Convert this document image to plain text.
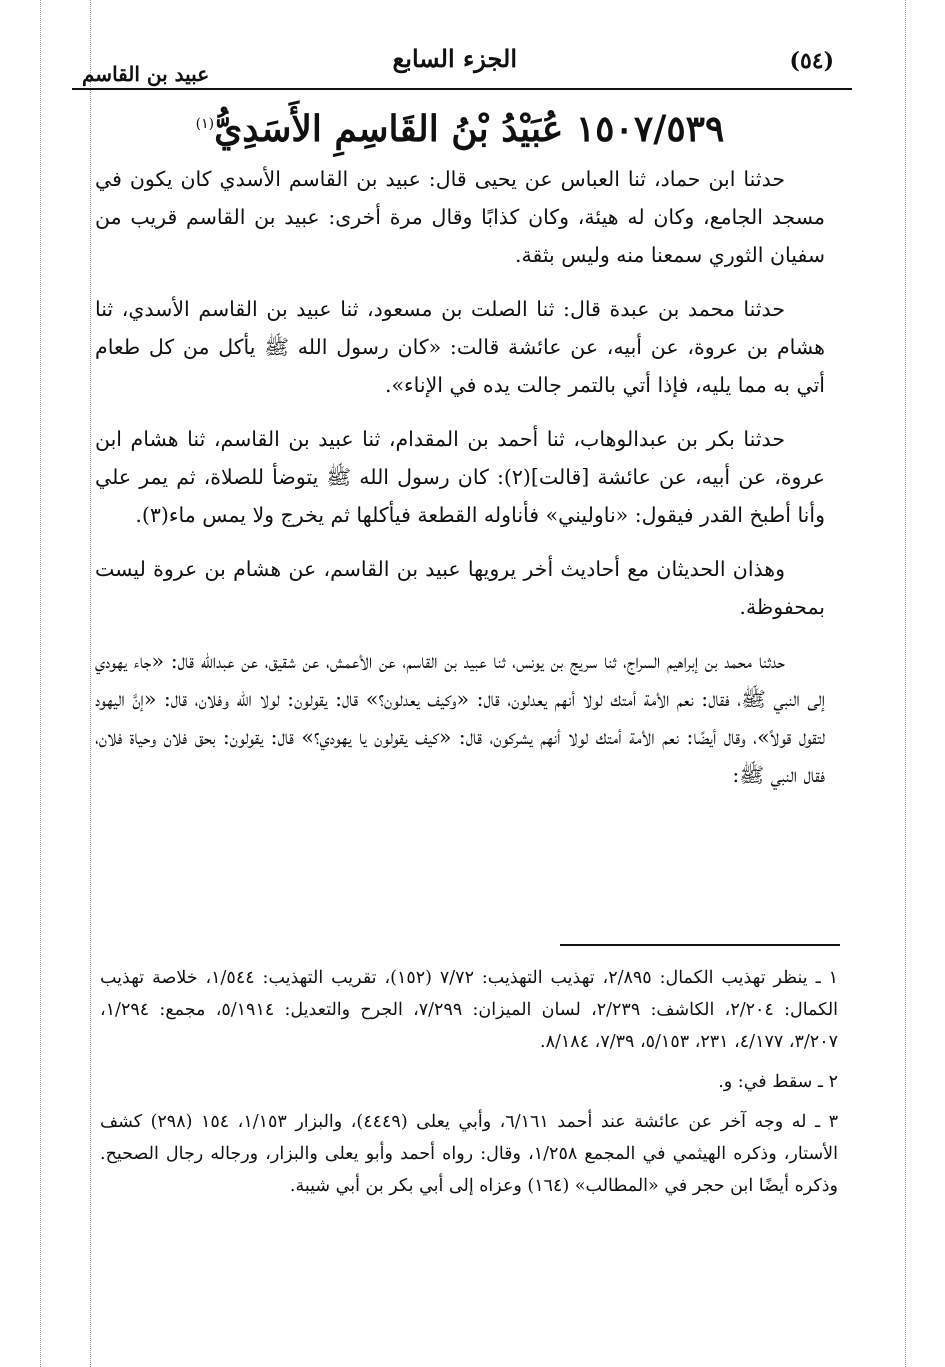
(٥٤)
الجزء السابع
عبيد بن القاسم
١٥٠٧/٥٣٩ عُبَيْدُ بْنُ القَاسِمِ الأَسَدِيُّ$^{(١)}$

حدثنا ابن حماد، ثنا العباس عن يحيى قال: عبيد بن القاسم الأسدي كان يكون في مسجد الجامع، وكان له هيئة، وكان كذابًا وقال مرة أخرى: عبيد بن القاسم قريب من سفيان الثوري سمعنا منه وليس بثقة.

حدثنا محمد بن عبدة قال: ثنا الصلت بن مسعود، ثنا عبيد بن القاسم الأسدي، ثنا هشام بن عروة، عن أبيه، عن عائشة قالت: «كان رسول الله ﷺ يأكل من كل طعام أتي به مما يليه، فإذا أتي بالتمر جالت يده في الإناء».

حدثنا بكر بن عبدالوهاب، ثنا أحمد بن المقدام، ثنا عبيد بن القاسم، ثنا هشام ابن عروة، عن أبيه، عن عائشة [قالت](٢): كان رسول الله ﷺ يتوضأ للصلاة، ثم يمر علي وأنا أطبخ القدر فيقول: «ناوليني» فأناوله القطعة فيأكلها ثم يخرج ولا يمس ماء(٣).

وهذان الحديثان مع أحاديث أخر يرويها عبيد بن القاسم، عن هشام بن عروة ليست بمحفوظة.

حدثنا محمد بن إبراهيم السراج، ثنا سريج بن يونس، ثنا عبيد بن القاسم، عن الأعمش، عن شقيق، عن عبدالله قال: «جاء يهودي إلى النبي ﷺ، فقال: نعم الأمة أمتك لولا أنهم يعدلون، قال: «وكيف يعدلون؟» قال: يقولون: لولا الله وفلان، قال: «إنَّ اليهود لتقول قولاً»، وقال أيضًا: نعم الأمة أمتك لولا أنهم يشركون، قال: «كيف يقولون يا يهودي؟» قال: يقولون: بحق فلان وحياة فلان، فقال النبي ﷺ:

١ ـ ينظر تهذيب الكمال: ٢/٨٩٥، تهذيب التهذيب: ٧/٧٢ (١٥٢)، تقريب التهذيب: ١/٥٤٤، خلاصة تهذيب الكمال: ٢/٢٠٤، الكاشف: ٢/٢٣٩، لسان الميزان: ٧/٢٩٩، الجرح والتعديل: ٥/١٩١٤، مجمع: ١/٢٩٤، ٣/٢٠٧، ٤/١٧٧، ٢٣١، ٥/١٥٣، ٧/٣٩، ٨/١٨٤.
٢ ـ سقط في: و.
٣ ـ له وجه آخر عن عائشة عند أحمد ٦/١٦١، وأبي يعلى (٤٤٤٩)، والبزار ١/١٥٣، ١٥٤ (٢٩٨) كشف الأستار، وذكره الهيثمي في المجمع ١/٢٥٨، وقال: رواه أحمد وأبو يعلى والبزار، ورجاله رجال الصحيح. وذكره أيضًا ابن حجر في «المطالب» (١٦٤) وعزاه إلى أبي بكر بن أبي شيبة.
